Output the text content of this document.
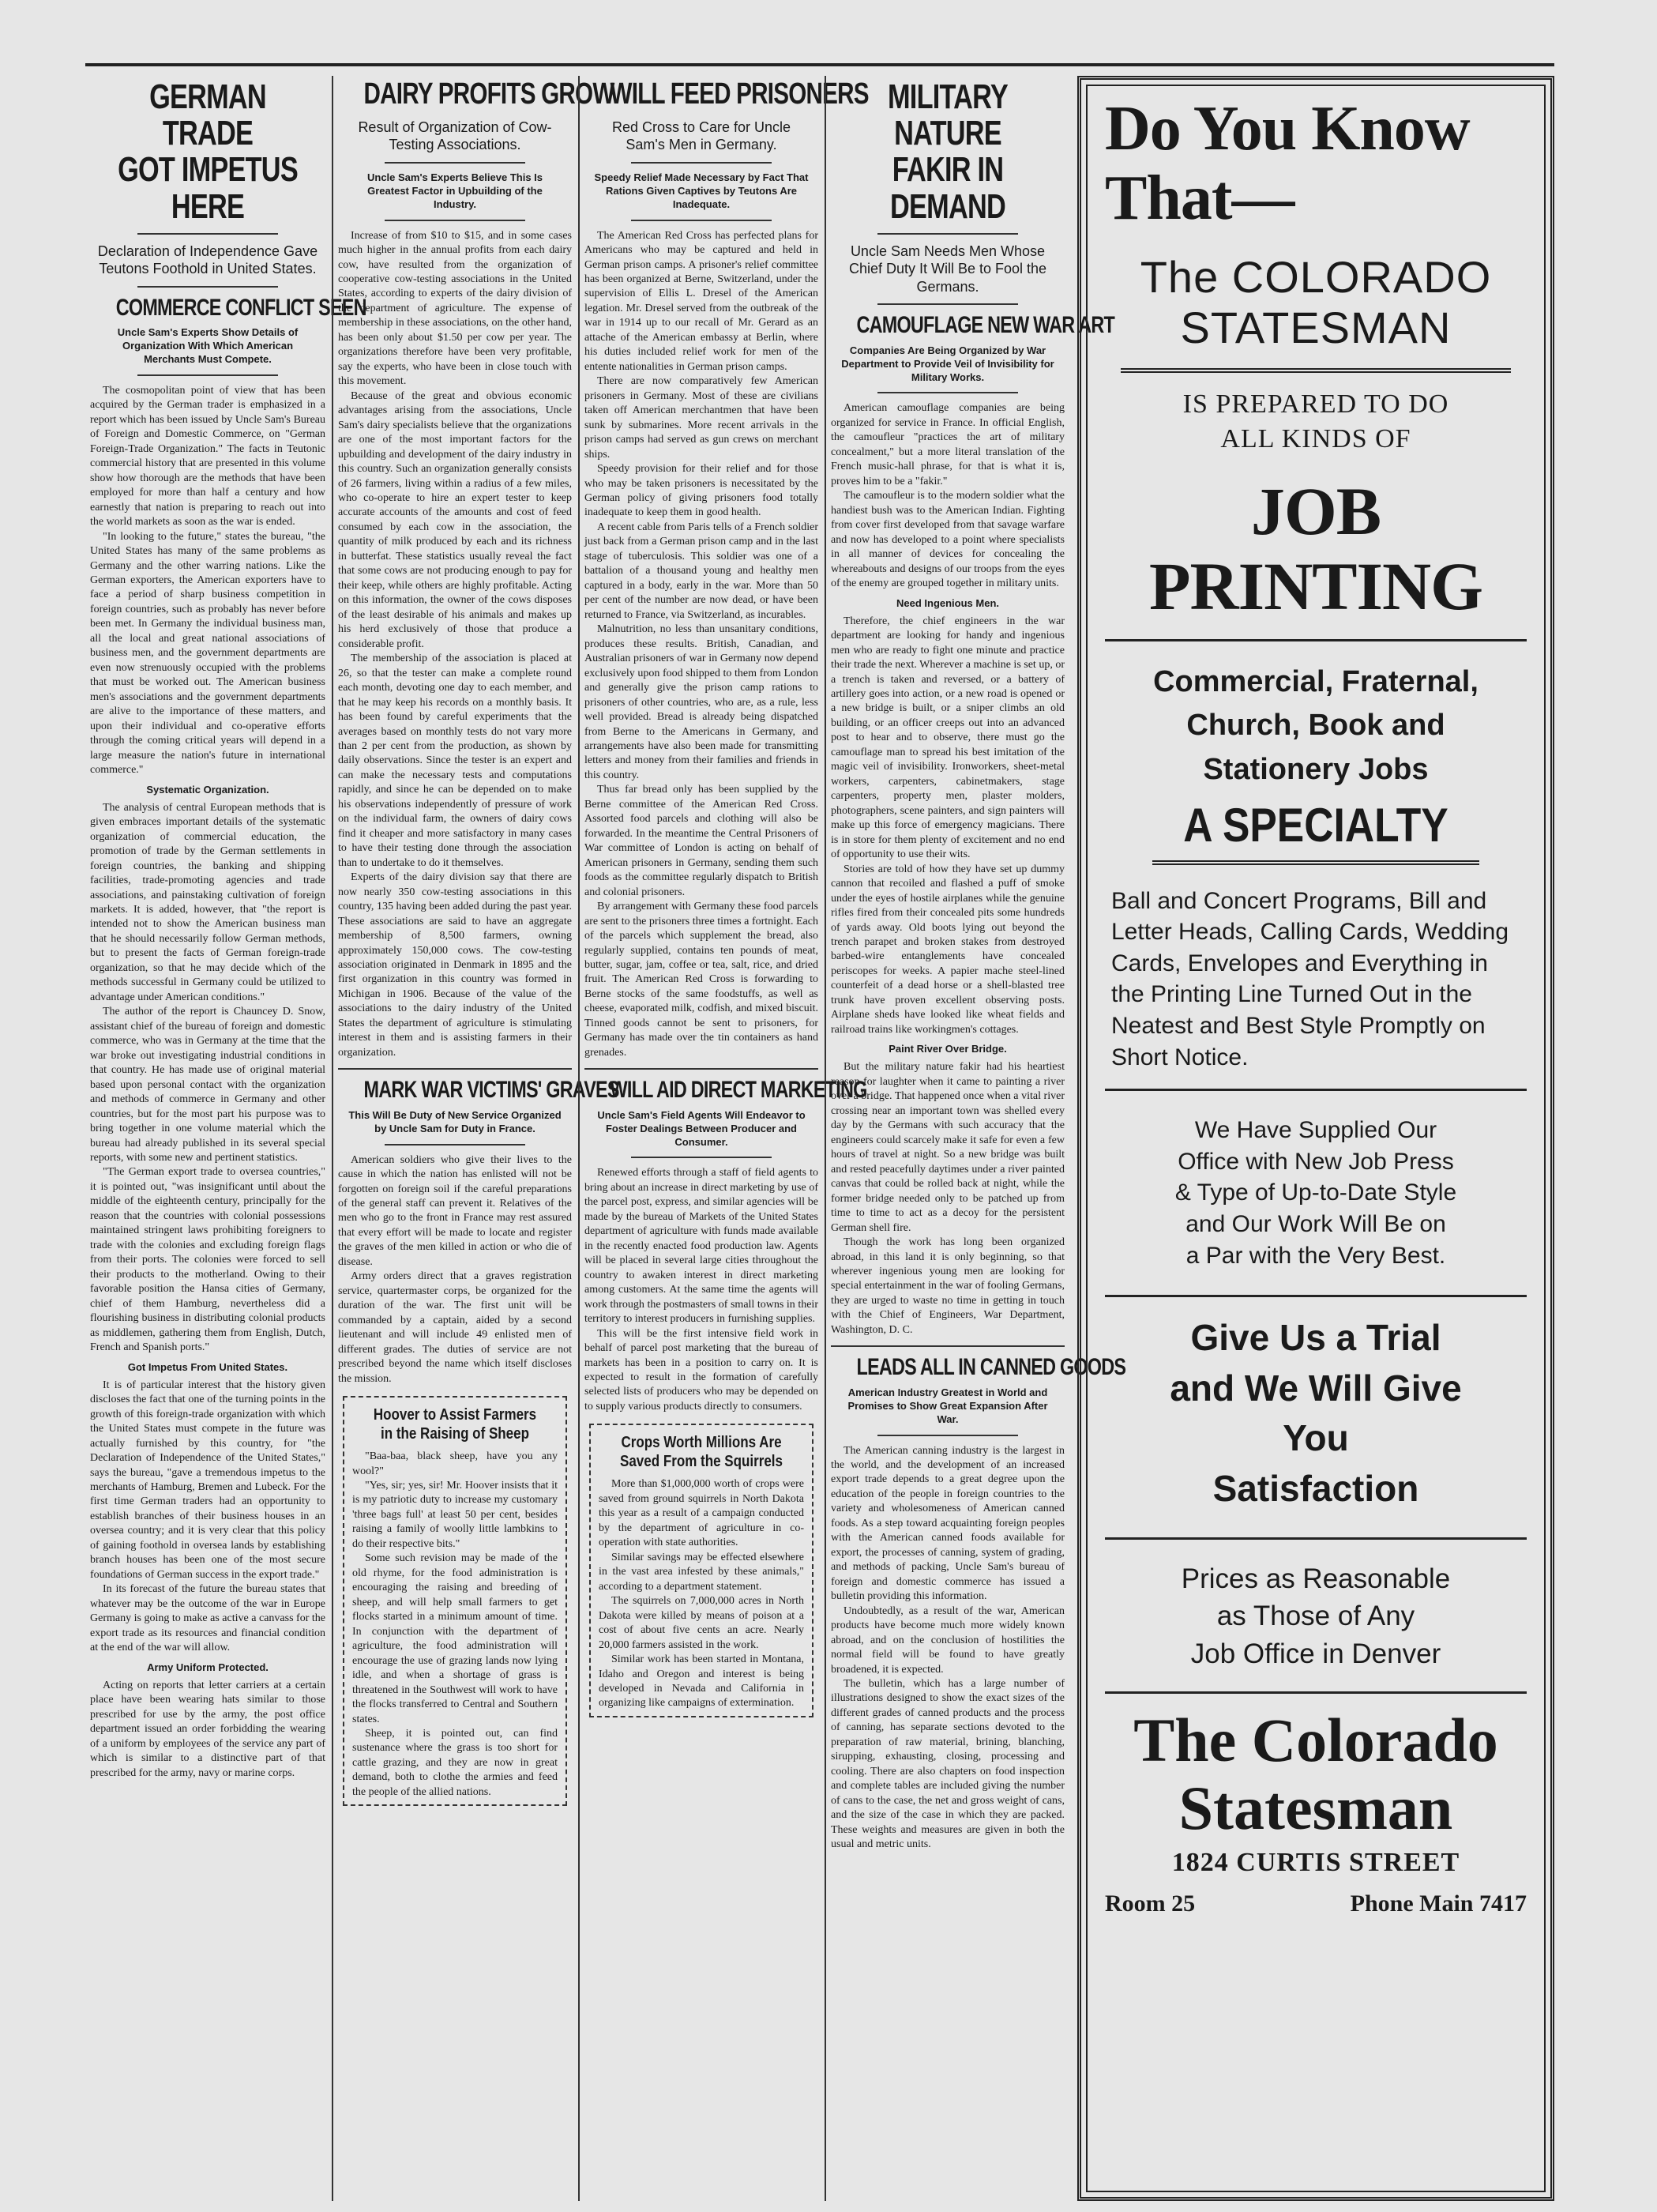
GERMAN TRADE
GOT IMPETUS HERE
Declaration of Independence Gave Teutons Foothold in United States.
COMMERCE CONFLICT SEEN
Uncle Sam's Experts Show Details of Organization With Which American Merchants Must Compete.

The cosmopolitan point of view that has been acquired by the German trader is emphasized in a report which has been issued by Uncle Sam's Bureau of Foreign and Domestic Commerce, on "German Foreign-Trade Organization." The facts in Teutonic commercial history that are presented in this volume show how thorough are the methods that have been employed for more than half a century and how earnestly that nation is preparing to reach out into the world markets as soon as the war is ended.

"In looking to the future," states the bureau, "the United States has many of the same problems as Germany and the other warring nations. Like the German exporters, the American exporters have to face a period of sharp business competition in foreign countries, such as probably has never before been met. In Germany the individual business man, all the local and great national associations of business men, and the government departments are even now strenuously occupied with the problems that must be worked out. The American business men's associations and the government departments are alive to the importance of these matters, and upon their individual and co-operative efforts through the coming critical years will depend in a large measure the nation's future in international commerce."

Systematic Organization.

The analysis of central European methods that is given embraces important details of the systematic organization of commercial education, the promotion of trade by the German settlements in foreign countries, the banking and shipping facilities, trade-promoting agencies and trade associations, and painstaking cultivation of foreign markets. It is added, however, that "the report is intended not to show the American business man that he should necessarily follow German methods, but to present the facts of German foreign-trade organization, so that he may decide which of the methods successful in Germany could be utilized to advantage under American conditions."

The author of the report is Chauncey D. Snow, assistant chief of the bureau of foreign and domestic commerce, who was in Germany at the time that the war broke out investigating industrial conditions in that country. He has made use of original material based upon personal contact with the organization and methods of commerce in Germany and other countries, but for the most part his purpose was to bring together in one volume material which the bureau had already published in its several special reports, with some new and pertinent statistics.

"The German export trade to oversea countries," it is pointed out, "was insignificant until about the middle of the eighteenth century, principally for the reason that the countries with colonial possessions maintained stringent laws prohibiting foreigners to trade with the colonies and excluding foreign flags from their ports. The colonies were forced to sell their products to the motherland. Owing to their favorable position the Hansa cities of Germany, chief of them Hamburg, nevertheless did a flourishing business in distributing colonial products as middlemen, gathering them from English, Dutch, French and Spanish ports."

Got Impetus From United States.

It is of particular interest that the history given discloses the fact that one of the turning points in the growth of this foreign-trade organization with which the United States must compete in the future was actually furnished by this country, for "the Declaration of Independence of the United States," says the bureau, "gave a tremendous impetus to the merchants of Hamburg, Bremen and Lubeck. For the first time German traders had an opportunity to establish branches of their business houses in an oversea country; and it is very clear that this policy of gaining foothold in oversea lands by establishing branch houses has been one of the most secure foundations of German success in the export trade."

In its forecast of the future the bureau states that whatever may be the outcome of the war in Europe Germany is going to make as active a canvass for the export trade as its resources and financial condition at the end of the war will allow.

Army Uniform Protected.

Acting on reports that letter carriers at a certain place have been wearing hats similar to those prescribed for use by the army, the post office department issued an order forbidding the wearing of a uniform by employees of the service any part of which is similar to a distinctive part of that prescribed for the army, navy or marine corps.

DAIRY PROFITS GROW
Result of Organization of Cow-Testing Associations.
Uncle Sam's Experts Believe This Is Greatest Factor in Upbuilding of the Industry.

Increase of from $10 to $15, and in some cases much higher in the annual profits from each dairy cow, have resulted from the organization of cooperative cow-testing associations in the United States, according to experts of the dairy division of the department of agriculture. The expense of membership in these associations, on the other hand, has been only about $1.50 per cow per year. The organizations therefore have been very profitable, say the experts, who have been in close touch with this movement.

Because of the great and obvious economic advantages arising from the associations, Uncle Sam's dairy specialists believe that the organizations are one of the most important factors for the upbuilding and development of the dairy industry in this country. Such an organization generally consists of 26 farmers, living within a radius of a few miles, who co-operate to hire an expert tester to keep accurate accounts of the amounts and cost of feed consumed by each cow in the association, the quantity of milk produced by each and its richness in butterfat. These statistics usually reveal the fact that some cows are not producing enough to pay for their keep, while others are highly profitable. Acting on this information, the owner of the cows disposes of the least desirable of his animals and makes up his herd exclusively of those that produce a considerable profit.

The membership of the association is placed at 26, so that the tester can make a complete round each month, devoting one day to each member, and that he may keep his records on a monthly basis. It has been found by careful experiments that the averages based on monthly tests do not vary more than 2 per cent from the production, as shown by daily observations. Since the tester is an expert and can make the necessary tests and computations rapidly, and since he can be depended on to make his observations independently of pressure of work on the individual farm, the owners of dairy cows find it cheaper and more satisfactory in many cases to have their testing done through the association than to undertake to do it themselves.

Experts of the dairy division say that there are now nearly 350 cow-testing associations in this country, 135 having been added during the past year. These associations are said to have an aggregate membership of 8,500 farmers, owning approximately 150,000 cows. The cow-testing association originated in Denmark in 1895 and the first organization in this country was formed in Michigan in 1906. Because of the value of the associations to the dairy industry of the United States the department of agriculture is stimulating interest in them and is assisting farmers in their organization.

MARK WAR VICTIMS' GRAVES
This Will Be Duty of New Service Organized by Uncle Sam for Duty in France.

American soldiers who give their lives to the cause in which the nation has enlisted will not be forgotten on foreign soil if the careful preparations of the general staff can prevent it. Relatives of the men who go to the front in France may rest assured that every effort will be made to locate and register the graves of the men killed in action or who die of disease.

Army orders direct that a graves registration service, quartermaster corps, be organized for the duration of the war. The first unit will be commanded by a captain, aided by a second lieutenant and will include 49 enlisted men of different grades. The duties of service are not prescribed beyond the name which itself discloses the mission.

Hoover to Assist Farmers in the Raising of Sheep

"Baa-baa, black sheep, have you any wool?"

"Yes, sir; yes, sir! Mr. Hoover insists that it is my patriotic duty to increase my customary 'three bags full' at least 50 per cent, besides raising a family of woolly little lambkins to do their respective bits."

Some such revision may be made of the old rhyme, for the food administration is encouraging the raising and breeding of sheep, and will help small farmers to get flocks started in a minimum amount of time. In conjunction with the department of agriculture, the food administration will encourage the use of grazing lands now lying idle, and when a shortage of grass is threatened in the Southwest will work to have the flocks transferred to Central and Southern states.

Sheep, it is pointed out, can find sustenance where the grass is too short for cattle grazing, and they are now in great demand, both to clothe the armies and feed the people of the allied nations.

WILL FEED PRISONERS
Red Cross to Care for Uncle Sam's Men in Germany.
Speedy Relief Made Necessary by Fact That Rations Given Captives by Teutons Are Inadequate.

The American Red Cross has perfected plans for Americans who may be captured and held in German prison camps. A prisoner's relief committee has been organized at Berne, Switzerland, under the supervision of Ellis L. Dresel of the American legation. Mr. Dresel served from the outbreak of the war in 1914 up to our recall of Mr. Gerard as an attache of the American embassy at Berlin, where his duties included relief work for men of the entente nationalities in German prison camps.

There are now comparatively few American prisoners in Germany. Most of these are civilians taken off American merchantmen that have been sunk by submarines. More recent arrivals in the prison camps had served as gun crews on merchant ships.

Speedy provision for their relief and for those who may be taken prisoners is necessitated by the German policy of giving prisoners food totally inadequate to keep them in good health.

A recent cable from Paris tells of a French soldier just back from a German prison camp and in the last stage of tuberculosis. This soldier was one of a battalion of a thousand young and healthy men captured in a body, early in the war. More than 50 per cent of the number are now dead, or have been returned to France, via Switzerland, as incurables.

Malnutrition, no less than unsanitary conditions, produces these results. British, Canadian, and Australian prisoners of war in Germany now depend exclusively upon food shipped to them from London and generally give the prison camp rations to prisoners of other countries, who are, as a rule, less well provided. Bread is already being dispatched from Berne to the Americans in Germany, and arrangements have also been made for transmitting letters and money from their families and friends in this country.

Thus far bread only has been supplied by the Berne committee of the American Red Cross. Assorted food parcels and clothing will also be forwarded. In the meantime the Central Prisoners of War committee of London is acting on behalf of American prisoners in Germany, sending them such foods as the committee regularly dispatch to British and colonial prisoners.

By arrangement with Germany these food parcels are sent to the prisoners three times a fortnight. Each of the parcels which supplement the bread, also regularly supplied, contains ten pounds of meat, butter, sugar, jam, coffee or tea, salt, rice, and dried fruit. The American Red Cross is forwarding to Berne stocks of the same foodstuffs, as well as cheese, evaporated milk, codfish, and mixed biscuit. Tinned goods cannot be sent to prisoners, for Germany has made over the tin containers as hand grenades.

WILL AID DIRECT MARKETING
Uncle Sam's Field Agents Will Endeavor to Foster Dealings Between Producer and Consumer.

Renewed efforts through a staff of field agents to bring about an increase in direct marketing by use of the parcel post, express, and similar agencies will be made by the bureau of Markets of the United States department of agriculture with funds made available in the recently enacted food production law. Agents will be placed in several large cities throughout the country to awaken interest in direct marketing among customers. At the same time the agents will work through the postmasters of small towns in their territory to interest producers in furnishing supplies.

This will be the first intensive field work in behalf of parcel post marketing that the bureau of markets has been in a position to carry on. It is expected to result in the formation of carefully selected lists of producers who may be depended on to supply various products directly to consumers.

Crops Worth Millions Are Saved From the Squirrels

More than $1,000,000 worth of crops were saved from ground squirrels in North Dakota this year as a result of a campaign conducted by the department of agriculture in co-operation with state authorities.

Similar savings may be effected elsewhere in the vast area infested by these animals," according to a department statement.

The squirrels on 7,000,000 acres in North Dakota were killed by means of poison at a cost of about five cents an acre. Nearly 20,000 farmers assisted in the work.

Similar work has been started in Montana, Idaho and Oregon and interest is being developed in Nevada and California in organizing like campaigns of extermination.

MILITARY NATURE
FAKIR IN DEMAND
Uncle Sam Needs Men Whose Chief Duty It Will Be to Fool the Germans.
CAMOUFLAGE NEW WAR ART
Companies Are Being Organized by War Department to Provide Veil of Invisibility for Military Works.

American camouflage companies are being organized for service in France. In official English, the camoufleur "practices the art of military concealment," but a more literal translation of the French music-hall phrase, for that is what it is, proves him to be a "fakir."

The camoufleur is to the modern soldier what the handiest bush was to the American Indian. Fighting from cover first developed from that savage warfare and now has developed to a point where specialists in all manner of devices for concealing the whereabouts and designs of our troops from the eyes of the enemy are grouped together in military units.

Need Ingenious Men.

Therefore, the chief engineers in the war department are looking for handy and ingenious men who are ready to fight one minute and practice their trade the next. Wherever a machine is set up, or a trench is taken and reversed, or a battery of artillery goes into action, or a new road is opened or a new bridge is built, or a sniper climbs an old building, or an officer creeps out into an advanced post to hear and to observe, there must go the camouflage man to spread his best imitation of the magic veil of invisibility. Ironworkers, sheet-metal workers, carpenters, cabinetmakers, stage carpenters, property men, plaster molders, photographers, scene painters, and sign painters will make up this force of emergency magicians. There is in store for them plenty of excitement and no end of opportunity to use their wits.

Stories are told of how they have set up dummy cannon that recoiled and flashed a puff of smoke under the eyes of hostile airplanes while the genuine rifles fired from their concealed pits some hundreds of yards away. Old boots lying out beyond the trench parapet and broken stakes from destroyed barbed-wire entanglements have concealed periscopes for weeks. A papier mache steel-lined counterfeit of a dead horse or a shell-blasted tree trunk have proven excellent observing posts. Airplane sheds have looked like wheat fields and railroad trains like workingmen's cottages.

Paint River Over Bridge.

But the military nature fakir had his heartiest reason for laughter when it came to painting a river over a bridge. That happened once when a vital river crossing near an important town was shelled every day by the Germans with such accuracy that the engineers could scarcely make it safe for even a few hours of travel at night. So a new bridge was built and rested peacefully daytimes under a river painted canvas that could be rolled back at night, while the former bridge needed only to be patched up from time to time to act as a decoy for the persistent German shell fire.

Though the work has long been organized abroad, in this land it is only beginning, so that wherever ingenious young men are looking for special entertainment in the war of fooling Germans, they are urged to waste no time in getting in touch with the Chief of Engineers, War Department, Washington, D. C.

LEADS ALL IN CANNED GOODS
American Industry Greatest in World and Promises to Show Great Expansion After War.

The American canning industry is the largest in the world, and the development of an increased export trade depends to a great degree upon the education of the people in foreign countries to the variety and wholesomeness of American canned foods. As a step toward acquainting foreign peoples with the American canned foods available for export, the processes of canning, system of grading, and methods of packing, Uncle Sam's bureau of foreign and domestic commerce has issued a bulletin providing this information.

Undoubtedly, as a result of the war, American products have become much more widely known abroad, and on the conclusion of hostilities the normal field will be found to have greatly broadened, it is expected.

The bulletin, which has a large number of illustrations designed to show the exact sizes of the different grades of canned products and the process of canning, has separate sections devoted to the preparation of raw material, brining, blanching, sirupping, exhausting, closing, processing and cooling. There are also chapters on food inspection and complete tables are included giving the number of cans to the case, the net and gross weight of cans, and the size of the case in which they are packed. These weights and measures are given in both the usual and metric units.

Do You Know
That—
The COLORADO
STATESMAN
IS PREPARED TO DO
ALL KINDS OF
JOB PRINTING
Commercial, Fraternal,
Church, Book and
Stationery Jobs
A SPECIALTY
Ball and Concert Programs, Bill and Letter Heads, Calling Cards, Wedding Cards, Envelopes and Everything in the Printing Line Turned Out in the Neatest and Best Style Promptly on Short Notice.
We Have Supplied Our
Office with New Job Press
& Type of Up-to-Date Style
and Our Work Will Be on
a Par with the Very Best.
Give Us a Trial
and We Will Give
You
Satisfaction
Prices as Reasonable
as Those of Any
Job Office in Denver
The Colorado
Statesman
1824 CURTIS STREET
Room 25	Phone Main 7417
